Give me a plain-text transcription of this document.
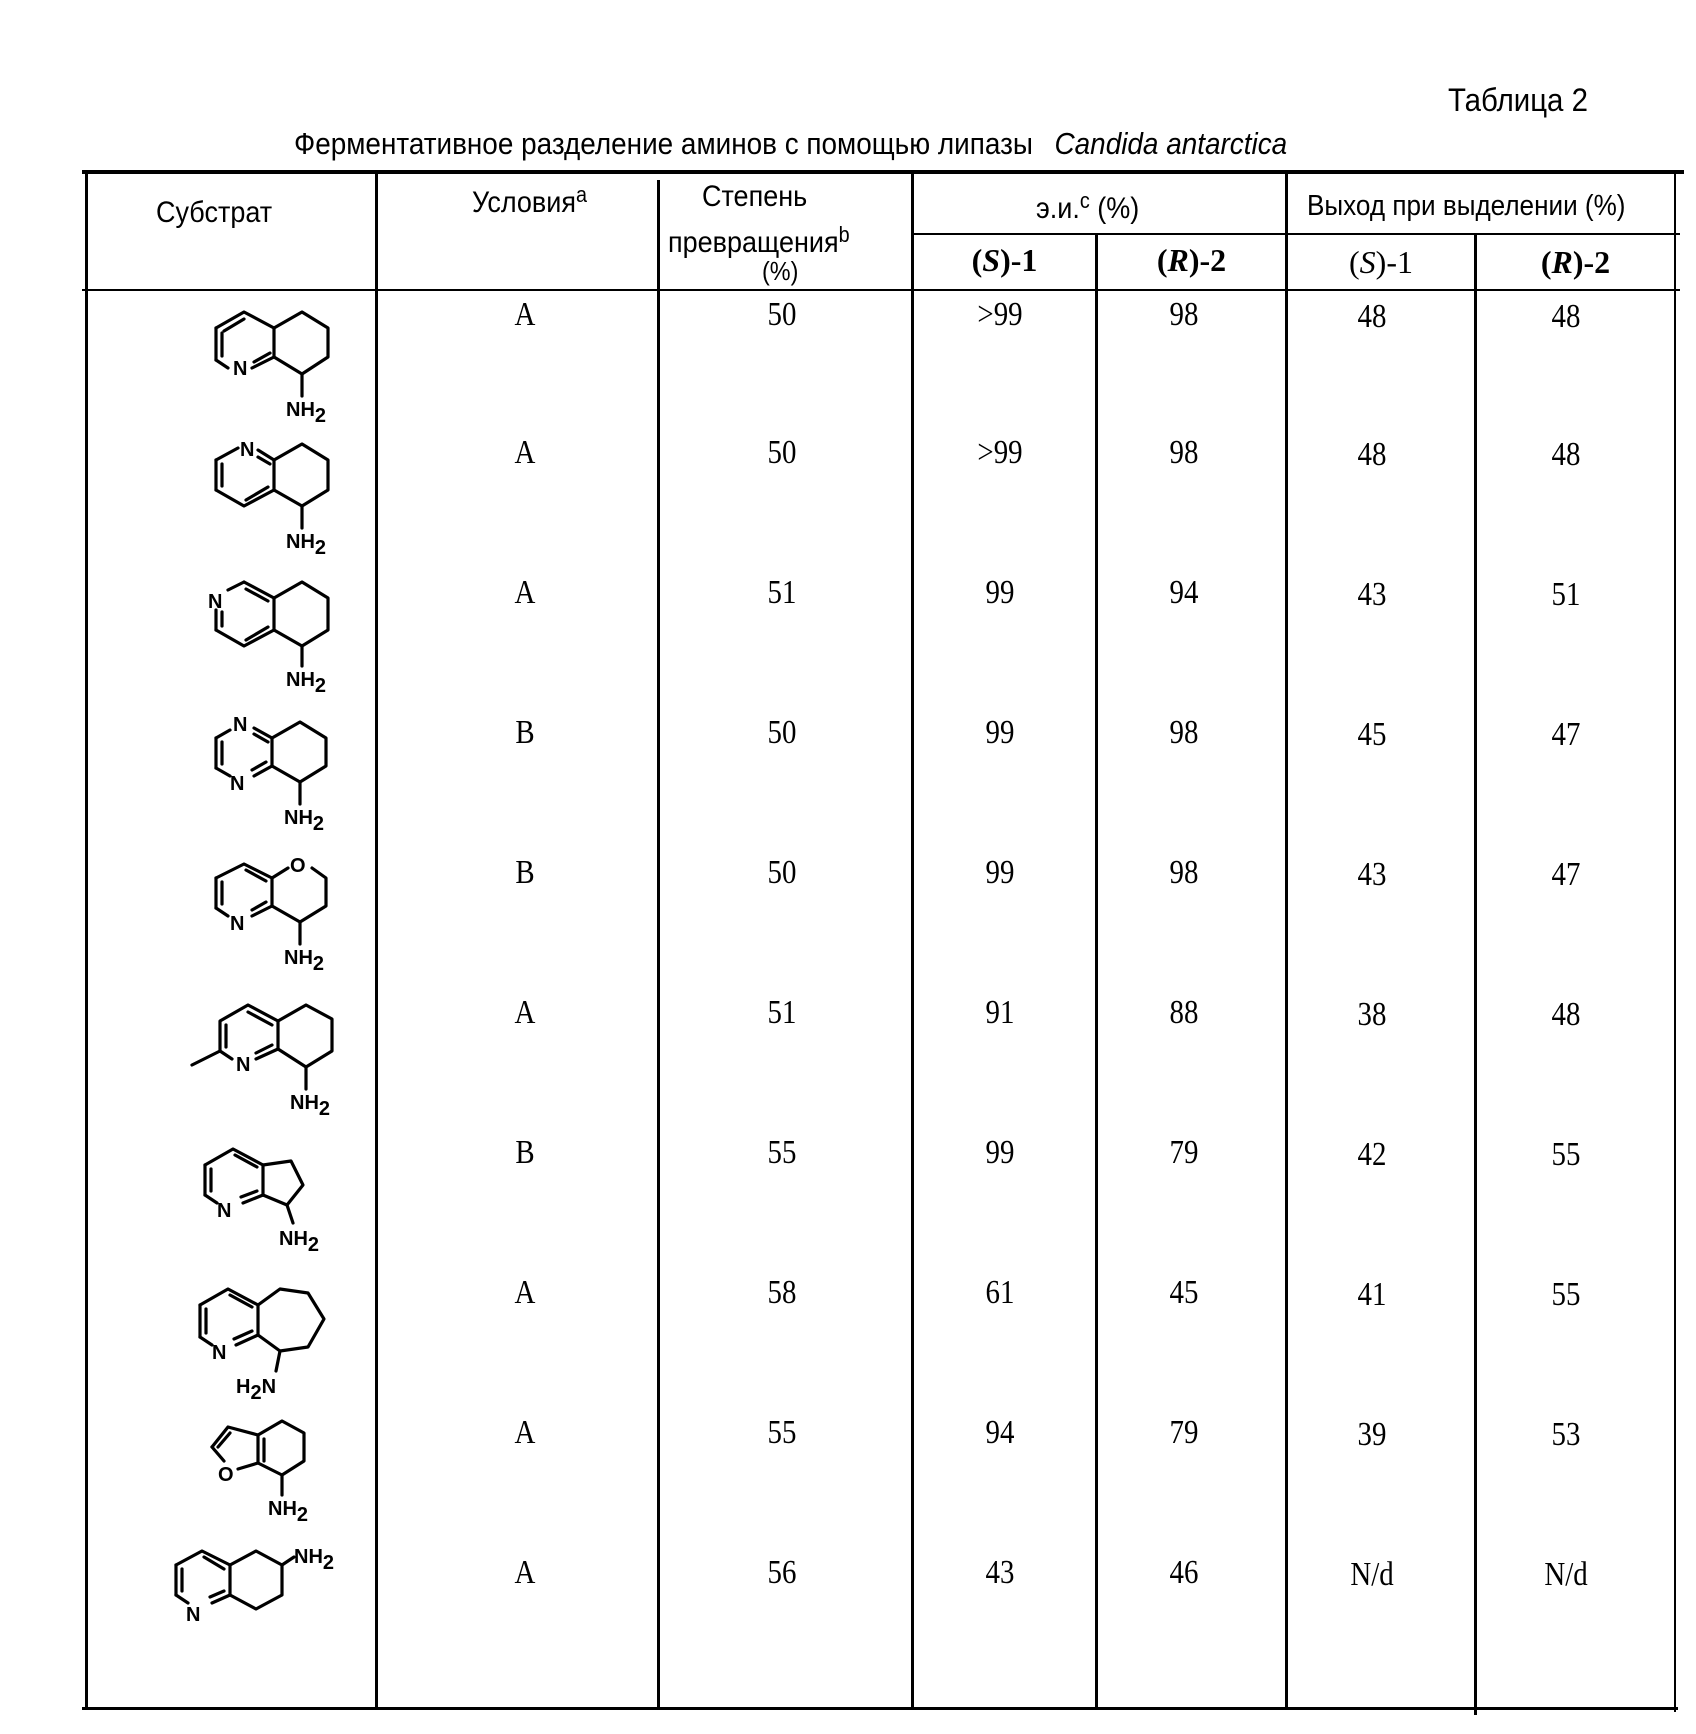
Таблица 2
Ферментативное разделение аминов с помощью липазы Candida antarctica
Субстрат	Условияa	Степень
превращенияb
(%)
э.и.c (%)	Выход при выделении (%)
(S)-1	(R)-2	(S)-1	(R)-2
A	50	>99	98	48	48
A	50	>99	98	48	48
A	51	99	94	43	51
B	50	99	98	45	47
B	50	99	98	43	47
A	51	91	88	38	48
B	55	99	79	42	55
A	58	61	45	41	55
A	55	94	79	39	53
A	56	43	46	N/d	N/d
N
NH2
N
NH2
N
NH2
N
N
NH2
O
N
NH2
N
NH2
N
NH2
N
H2N
O
NH2
N
NH2
